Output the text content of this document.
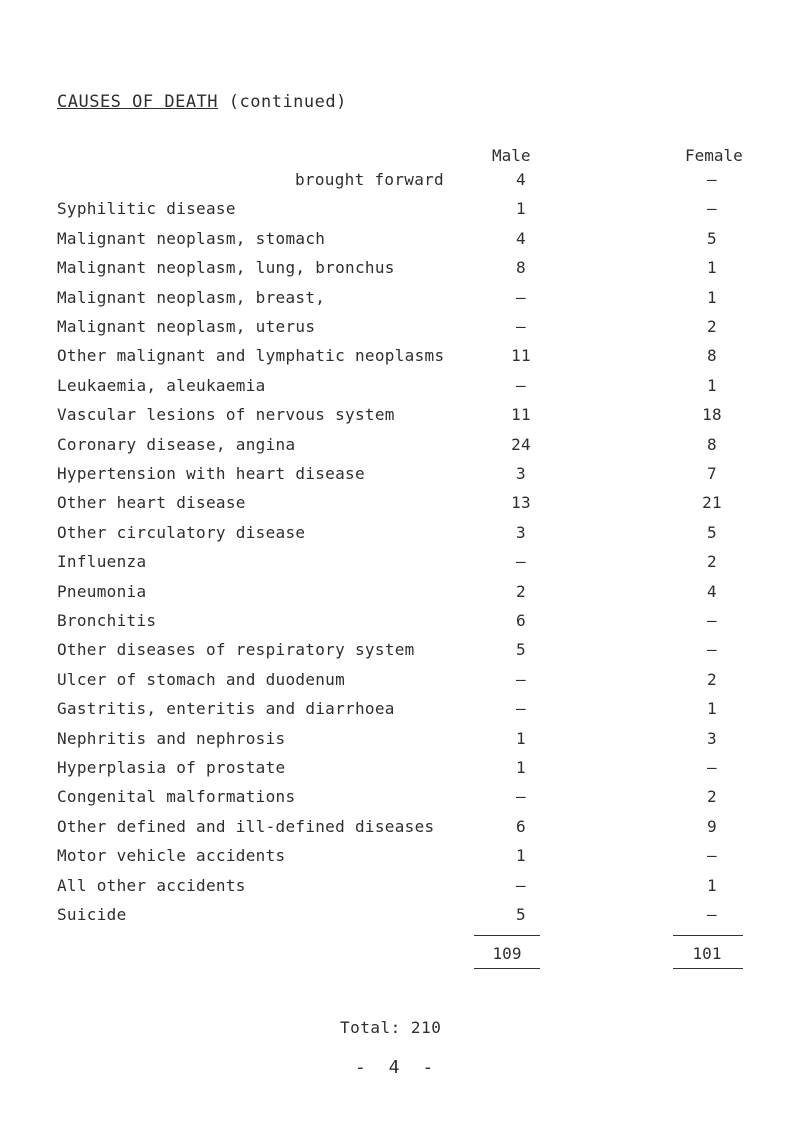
CAUSES OF DEATH (continued)
Male	Female
brought forward	4	—
Syphilitic disease	1	—
Malignant neoplasm, stomach	4	5
Malignant neoplasm, lung, bronchus	8	1
Malignant neoplasm, breast,	—	1
Malignant neoplasm, uterus	—	2
Other malignant and lymphatic neoplasms	11	8
Leukaemia, aleukaemia	—	1
Vascular lesions of nervous system	11	18
Coronary disease, angina	24	8
Hypertension with heart disease	3	7
Other heart disease	13	21
Other circulatory disease	3	5
Influenza	—	2
Pneumonia	2	4
Bronchitis	6	—
Other diseases of respiratory system	5	—
Ulcer of stomach and duodenum	—	2
Gastritis, enteritis and diarrhoea	—	1
Nephritis and nephrosis	1	3
Hyperplasia of prostate	1	—
Congenital malformations	—	2
Other defined and ill-defined diseases	6	9
Motor vehicle accidents	1	—
All other accidents	—	1
Suicide	5	—
109	101
Total: 210
- 4 -
